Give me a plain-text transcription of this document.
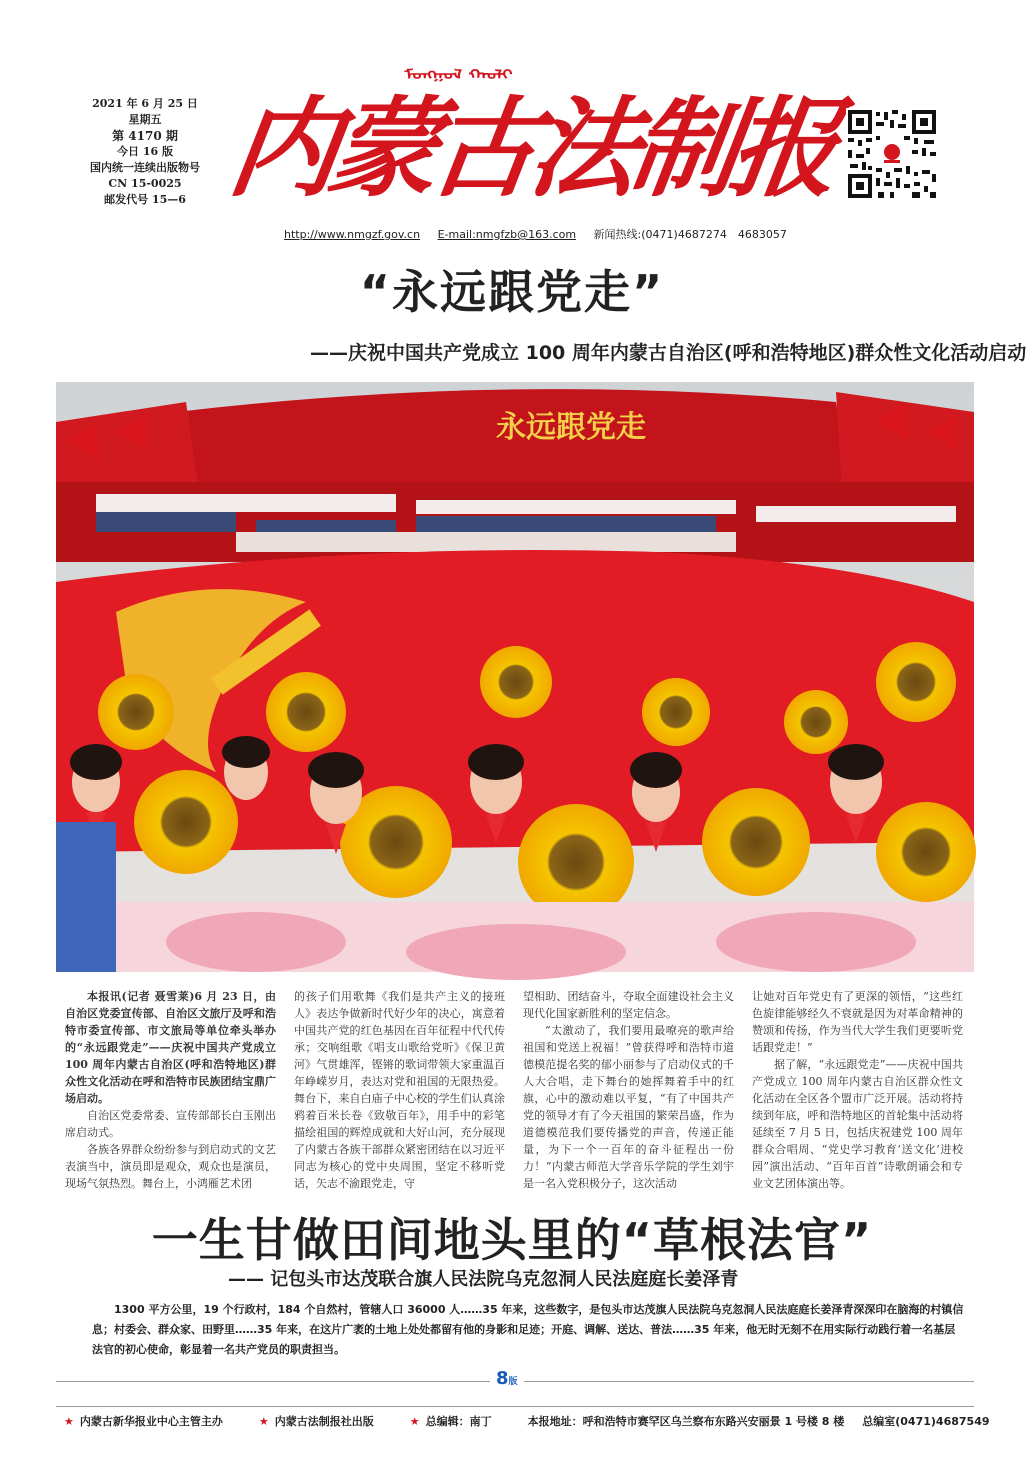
2021 年 6 月 25 日
星期五
第 4170 期
今日 16 版
国内统一连续出版物号
CN 15-0025
邮发代号 15—6
ᠮᠣᠩᠭᠣᠯ ᠬᠠᠤᠯᠢ
内蒙古法制报
http://www.nmgzf.gov.cn E-mail:nmgfzb@163.com 新闻热线:(0471)4687274　4683057
“永远跟党走”
——庆祝中国共产党成立 100 周年内蒙古自治区(呼和浩特地区)群众性文化活动启动
永远跟党走

本报讯(记者 聂雪莱)6 月 23 日，由自治区党委宣传部、自治区文旅厅及呼和浩特市委宣传部、市文旅局等单位牵头举办的“永远跟党走”——庆祝中国共产党成立 100 周年内蒙古自治区(呼和浩特地区)群众性文化活动在呼和浩特市民族团结宝鼎广场启动。

自治区党委常委、宣传部部长白玉刚出席启动式。

各族各界群众纷纷参与到启动式的文艺表演当中，演员即是观众，观众也是演员，现场气氛热烈。舞台上，小鸿雁艺术团

的孩子们用歌舞《我们是共产主义的接班人》表达争做新时代好少年的决心，寓意着中国共产党的红色基因在百年征程中代代传承；交响组歌《唱支山歌给党听》《保卫黄河》气贯雄浑，铿锵的歌词带领大家重温百年峥嵘岁月，表达对党和祖国的无限热爱。舞台下，来自白庙子中心校的学生们认真涂鸦着百米长卷《致敬百年》，用手中的彩笔描绘祖国的辉煌成就和大好山河，充分展现了内蒙古各族干部群众紧密团结在以习近平同志为核心的党中央周围，坚定不移听党话，矢志不渝跟党走，守

望相助、团结奋斗，夺取全面建设社会主义现代化国家新胜利的坚定信念。

“太激动了，我们要用最嘹亮的歌声给祖国和党送上祝福！”曾获得呼和浩特市道德模范提名奖的郁小丽参与了启动仪式的千人大合唱，走下舞台的她挥舞着手中的红旗，心中的激动难以平复，“有了中国共产党的领导才有了今天祖国的繁荣昌盛，作为道德模范我们要传播党的声音，传递正能量，为下一个一百年的奋斗征程出一份力！”内蒙古师范大学音乐学院的学生刘宇是一名入党积极分子，这次活动

让她对百年党史有了更深的领悟，“这些红色旋律能够经久不衰就是因为对革命精神的赞颂和传扬，作为当代大学生我们更要听党话跟党走！”

据了解，“永远跟党走”——庆祝中国共产党成立 100 周年内蒙古自治区群众性文化活动在全区各个盟市广泛开展。活动将持续到年底，呼和浩特地区的首轮集中活动将延续至 7 月 5 日，包括庆祝建党 100 周年群众合唱周、“党史学习教育‘送文化’进校园”演出活动、“百年百首”诗歌朗诵会和专业文艺团体演出等。

一生甘做田间地头里的“草根法官”
—— 记包头市达茂联合旗人民法院乌克忽洞人民法庭庭长姜泽青
1300 平方公里，19 个行政村，184 个自然村，管辖人口 36000 人……35 年来，这些数字，是包头市达茂旗人民法院乌克忽洞人民法庭庭长姜泽青深深印在脑海的村镇信息；村委会、群众家、田野里……35 年来，在这片广袤的土地上处处都留有他的身影和足迹；开庭、调解、送达、普法……35 年来，他无时无刻不在用实际行动践行着一名基层法官的初心使命，彰显着一名共产党员的职责担当。
8版
★ 内蒙古新华报业中心主管主办	★ 内蒙古法制报社出版	★ 总编辑：南丁	本报地址：呼和浩特市赛罕区乌兰察布东路兴安丽景 1 号楼 8 楼 总编室(0471)4687549
